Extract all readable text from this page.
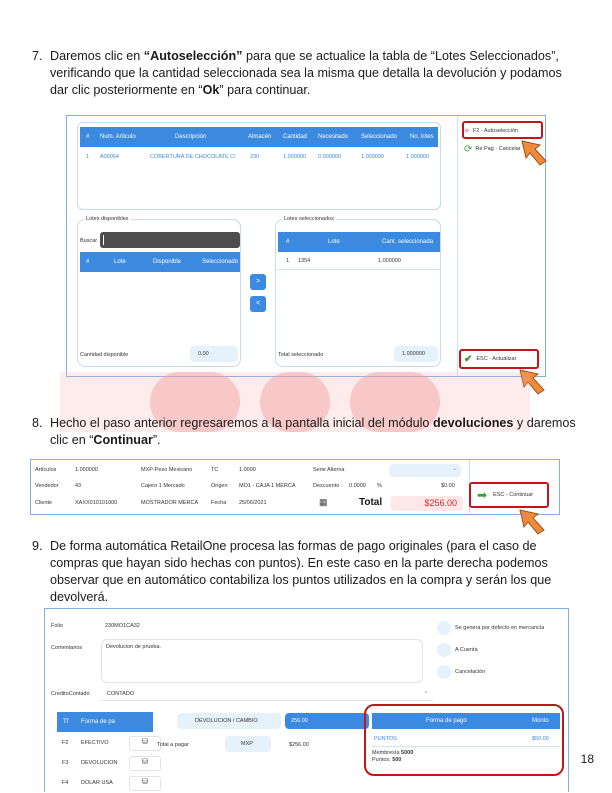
7. Daremos clic en “Autoselección” para que se actualice la tabla de “Lotes Seleccionados”, verificando que la cantidad seleccionada sea la misma que detalla la devolución y podamos dar clic posteriormente en “Ok” para continuar.
# Num. Articulo	Descripción	Almacén Cantidad Necesitado Seleccionado No. lotes
1 A00064	COBERTURA DE CHOCOLATE C!	230	1.000000 0.000000	1.000000	1.000000
Lotes disponibles
Buscar
#	Lote	Disponible	Seleccionado
Cantidad disponible	0.00
>
<
Lotes seleccionados
#	Lote	Cant. seleccionada
1 1354	1.000000
Total seleccionado	1.000000
✧ F2 - Autoselección
⟳ Re Pag - Cancelar
✔ ESC - Actualizar
8. Hecho el paso anterior regresaremos a la pantalla inicial del módulo devoluciones y daremos clic en “Continuar”.
Artículos	1.000000	MXP-Peso Mexicano	TC	1.0000	Serie Alterna	⌄
Vendedor	43	Cajero 1 Mercado	Origen MO1 - CAJA 1 MERCA	Descuento 0.0000 %	$0.00
Cliente	XAXX010101000	MOSTRADOR MERCA Fecha 25/06/2021	▦	Total	$256.00
➡ ESC - Continuar
9. De forma automática RetailOne procesa las formas de pago originales (para el caso de compras que hayan sido hechas con puntos). En este caso en la parte derecha podemos observar que en automático contabiliza los puntos utilizados en la compra y serán los que devolverá.
Folio	230MO1CA32
Comentarios	Devolucion de prueba.
Se genera por defecto en mercancía
A Cuenta
Cancelación
CreditoContado	CONTADO	⌄
Tf Forma de pa
F2 EFECTIVO	⛁
F3 DEVOLUCION	⛁
F4 DOLAR USA	⛁
DEVOLUCION / CAMBIO	256.00
Total a pagar	MXP	$256.00
Forma de pago	Monto
PUNTOS	$50.00
Membresía 5000
Puntos: 500	18
